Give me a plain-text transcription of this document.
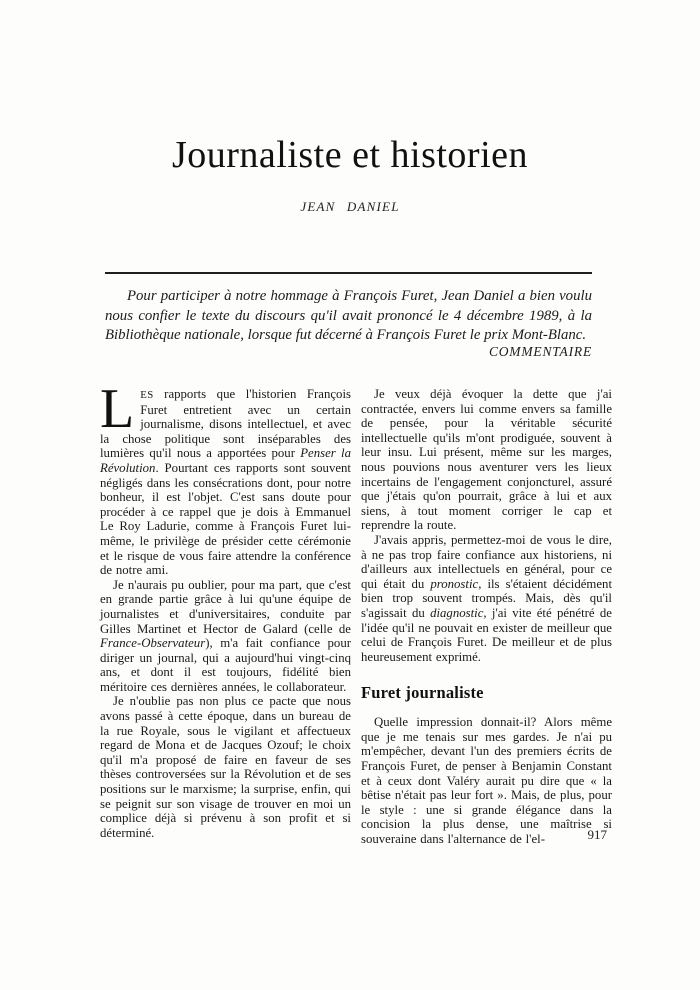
Journaliste et historien
JEAN DANIEL
Pour participer à notre hommage à François Furet, Jean Daniel a bien voulu nous confier le texte du discours qu'il avait prononcé le 4 décembre 1989, à la Bibliothèque nationale, lorsque fut décerné à François Furet le prix Mont-Blanc.
COMMENTAIRE

LES rapports que l'historien François Furet entretient avec un certain journalisme, disons intellectuel, et avec la chose politique sont inséparables des lumières qu'il nous a apportées pour Penser la Révolution. Pourtant ces rapports sont souvent négligés dans les consécrations dont, pour notre bonheur, il est l'objet. C'est sans doute pour procéder à ce rappel que je dois à Emmanuel Le Roy Ladurie, comme à François Furet lui-même, le privilège de présider cette cérémonie et le risque de vous faire attendre la conférence de notre ami.

Je n'aurais pu oublier, pour ma part, que c'est en grande partie grâce à lui qu'une équipe de journalistes et d'universitaires, conduite par Gilles Martinet et Hector de Galard (celle de France-Observateur), m'a fait confiance pour diriger un journal, qui a aujourd'hui vingt-cinq ans, et dont il est toujours, fidélité bien méritoire ces dernières années, le collaborateur.

Je n'oublie pas non plus ce pacte que nous avons passé à cette époque, dans un bureau de la rue Royale, sous le vigilant et affectueux regard de Mona et de Jacques Ozouf; le choix qu'il m'a proposé de faire en faveur de ses thèses controversées sur la Révolution et de ses positions sur le marxisme; la surprise, enfin, qui se peignit sur son visage de trouver en moi un complice déjà si prévenu à son profit et si déterminé.

Je veux déjà évoquer la dette que j'ai contractée, envers lui comme envers sa famille de pensée, pour la véritable sécurité intellectuelle qu'ils m'ont prodiguée, souvent à leur insu. Lui présent, même sur les marges, nous pouvions nous aventurer vers les lieux incertains de l'engagement conjoncturel, assuré que j'étais qu'on pourrait, grâce à lui et aux siens, à tout moment corriger le cap et reprendre la route.

J'avais appris, permettez-moi de vous le dire, à ne pas trop faire confiance aux historiens, ni d'ailleurs aux intellectuels en général, pour ce qui était du pronostic, ils s'étaient décidément bien trop souvent trompés. Mais, dès qu'il s'agissait du diagnostic, j'ai vite été pénétré de l'idée qu'il ne pouvait en exister de meilleur que celui de François Furet. De meilleur et de plus heureusement exprimé.

Furet journaliste

Quelle impression donnait-il? Alors même que je me tenais sur mes gardes. Je n'ai pu m'empêcher, devant l'un des premiers écrits de François Furet, de penser à Benjamin Constant et à ceux dont Valéry aurait pu dire que « la bêtise n'était pas leur fort ». Mais, de plus, pour le style : une si grande élégance dans la concision la plus dense, une maîtrise si souveraine dans l'alternance de l'el-	917
